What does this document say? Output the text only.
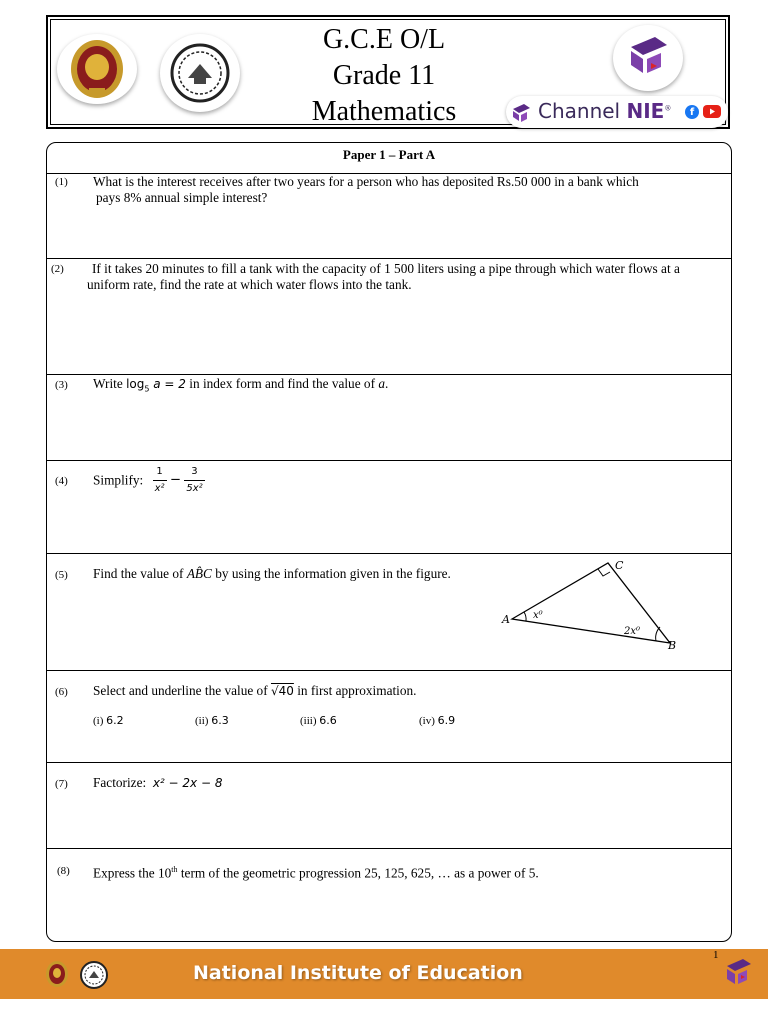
G.C.E O/L
Grade 11
Mathematics	Channel NIE®	f
Paper 1 – Part A
(1) What is the interest receives after two years for a person who has deposited Rs.50 000 in a bank which
pays 8% annual simple interest?
(2) If it takes 20 minutes to fill a tank with the capacity of 1 500 liters using a pipe through which water flows at a
uniform rate, find the rate at which water flows into the tank.
(3) Write $\log_5 a = 2$ in index form and find the value of a.
(4) Simplify: $\frac{1}{\text{x²}} - \frac{3}{\text{5x²}}$
(5) Find the value of AB̂C by using the information given in the figure.
A
B
C
x⁰
2x⁰
(6) Select and underline the value of √40 in first approximation.
(i) 6.2	(ii) 6.3	(iii) 6.6	(iv) 6.9
(7) Factorize: x² − 2x − 8
(8) Express the 10th term of the geometric progression 25, 125, 625, … as a power of 5.
National Institute of Education
1
